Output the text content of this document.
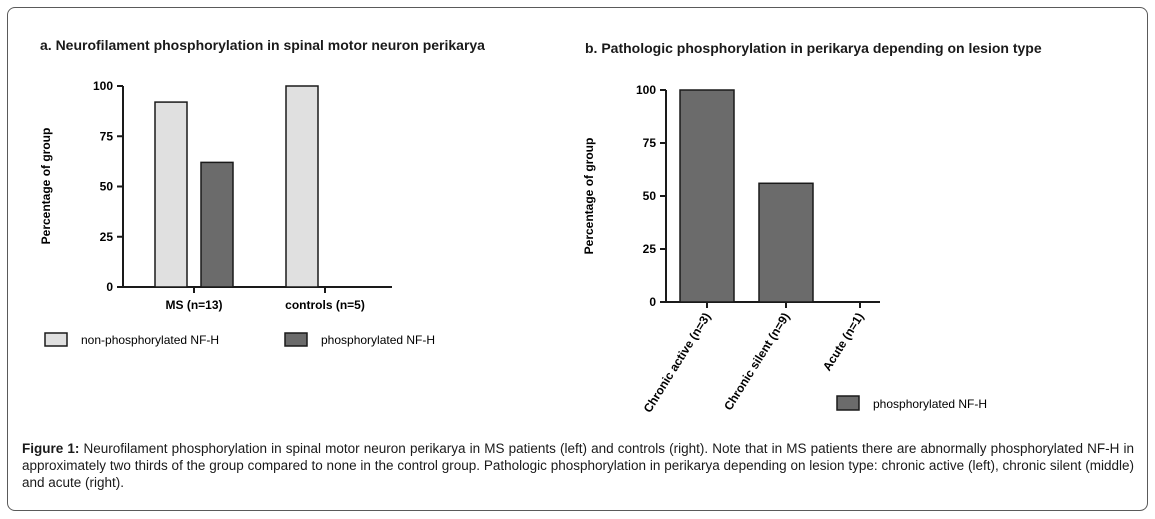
a. Neurofilament phosphorylation in spinal motor neuron perikarya	b. Pathologic phosphorylation in perikarya depending on lesion type
0
25
50
75
100
Percentage of group
MS (n=13)	controls (n=5)
non-phosphorylated NF-H	phosphorylated NF-H
0
25
50
75
100
Percentage of group
Chronic active (n=3) Chronic silent (n=9) Acute (n=1)
phosphorylated NF-H
Figure 1: Neurofilament phosphorylation in spinal motor neuron perikarya in MS patients (left) and controls (right). Note that in MS patients there are abnormally phosphorylated NF-H in approximately two thirds of the group compared to none in the control group. Pathologic phosphorylation in perikarya depending on lesion type: chronic active (left), chronic silent (middle) and acute (right).
